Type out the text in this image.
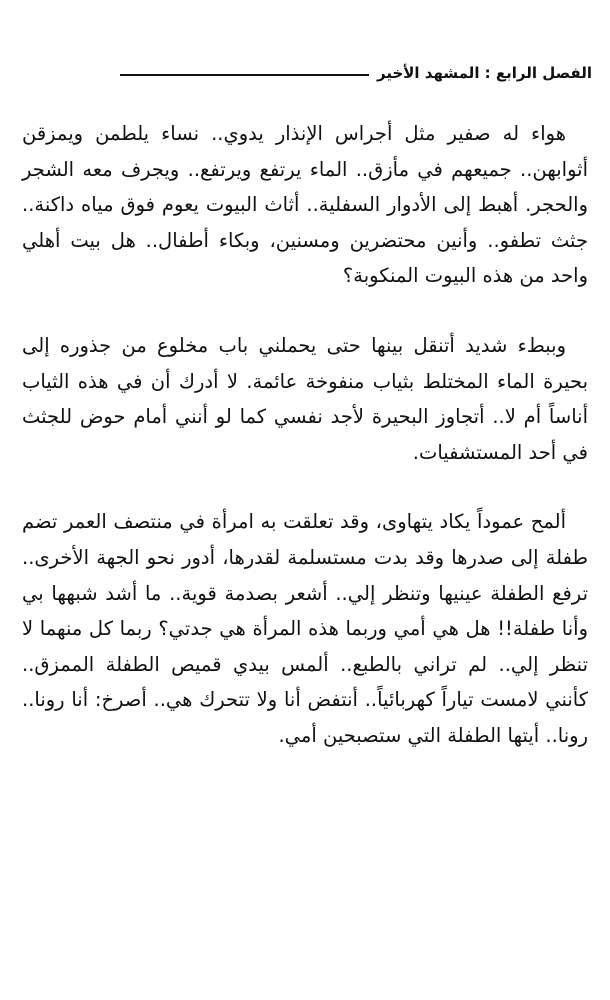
الفصل الرابع : المشهد الأخير

هواء له صفير مثل أجراس الإنذار يدوي.. نساء يلطمن ويمزقن أثوابهن.. جميعهم في مأزق.. الماء يرتفع ويرتفع.. ويجرف معه الشجر والحجر. أهبط إلى الأدوار السفلية.. أثاث البيوت يعوم فوق مياه داكنة.. جثث تطفو.. وأنين محتضرين ومسنين، وبكاء أطفال.. هل بيت أهلي واحد من هذه البيوت المنكوبة؟

وببطء شديد أتنقل بينها حتى يحملني باب مخلوع من جذوره إلى بحيرة الماء المختلط بثياب منفوخة عائمة. لا أدرك أن في هذه الثياب أناساً أم لا.. أتجاوز البحيرة لأجد نفسي كما لو أنني أمام حوض للجثث في أحد المستشفيات.

ألمح عموداً يكاد يتهاوى، وقد تعلقت به امرأة في منتصف العمر تضم طفلة إلى صدرها وقد بدت مستسلمة لقدرها، أدور نحو الجهة الأخرى.. ترفع الطفلة عينيها وتنظر إلي.. أشعر بصدمة قوية.. ما أشد شبهها بي وأنا طفلة!! هل هي أمي وربما هذه المرأة هي جدتي؟ ربما كل منهما لا تنظر إلي.. لم تراني بالطبع.. ألمس بيدي قميص الطفلة الممزق.. كأنني لامست تياراً كهربائياً.. أنتفض أنا ولا تتحرك هي.. أصرخ: أنا رونا.. رونا.. أيتها الطفلة التي ستصبحين أمي.
